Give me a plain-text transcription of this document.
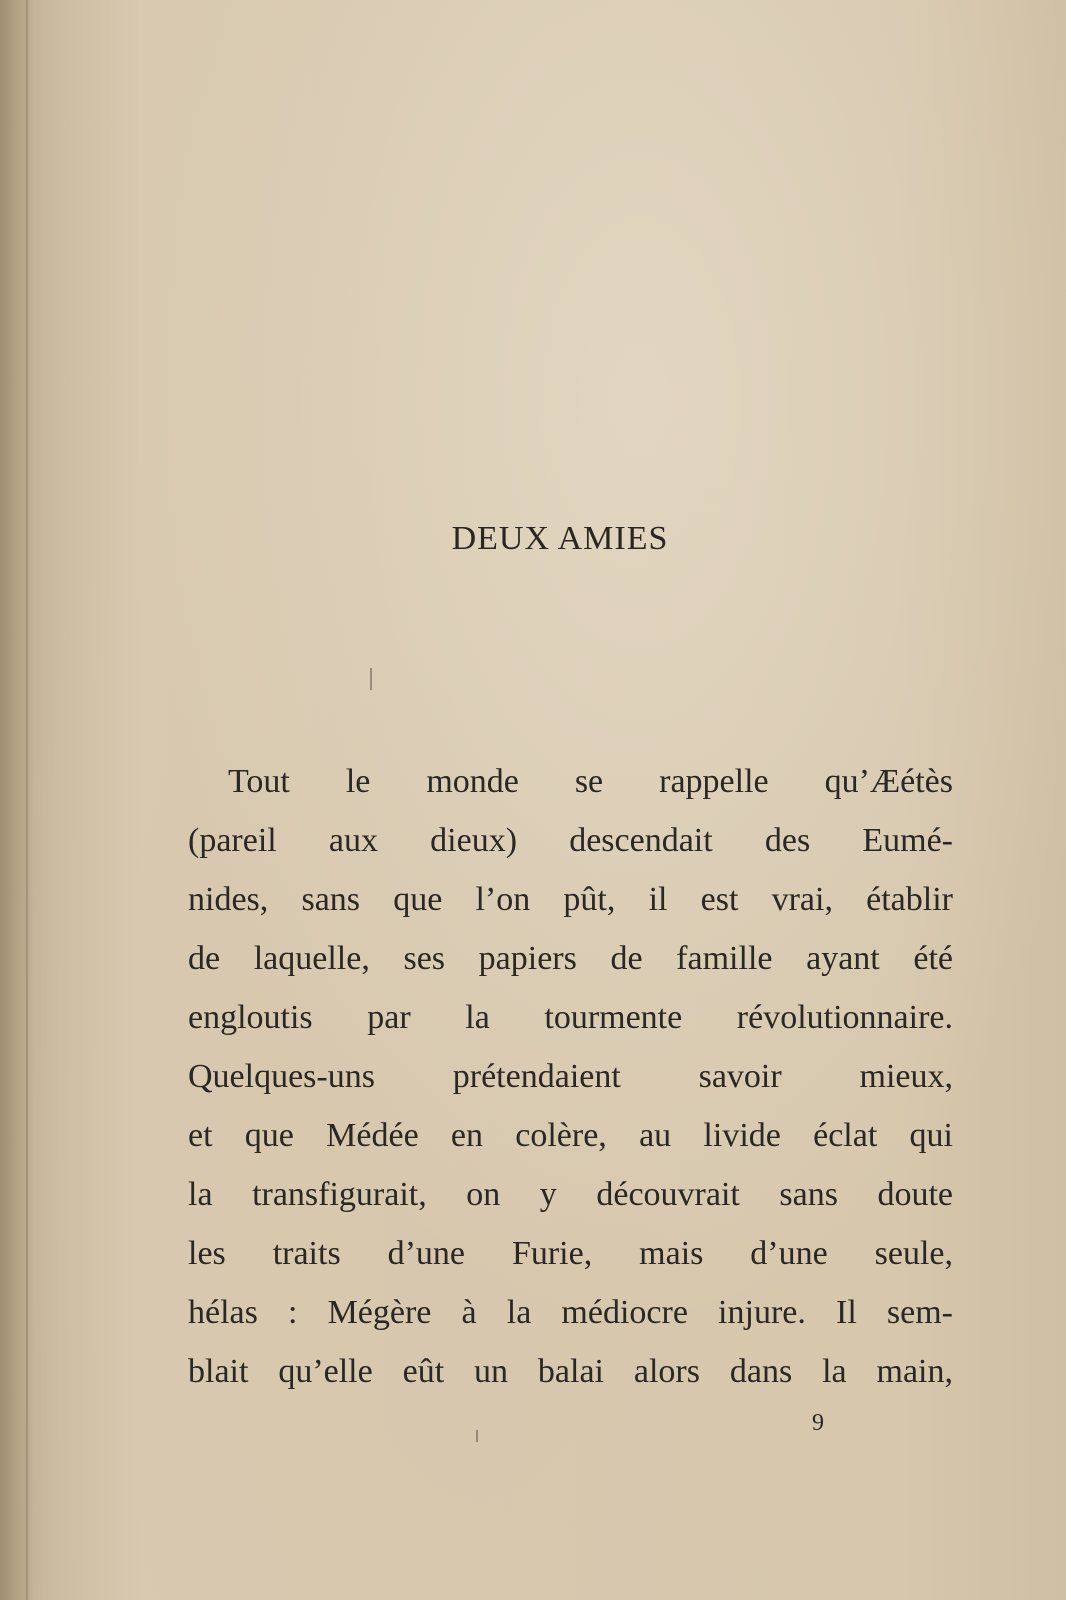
DEUX AMIES
Tout le monde se rappelle qu’Æétès
(pareil aux dieux) descendait des Eumé-
nides, sans que l’on pût, il est vrai, établir
de laquelle, ses papiers de famille ayant été
engloutis par la tourmente révolutionnaire.
Quelques-uns prétendaient savoir mieux,
et que Médée en colère, au livide éclat qui
la transfigurait, on y découvrait sans doute
les traits d’une Furie, mais d’une seule,
hélas : Mégère à la médiocre injure. Il sem-
blait qu’elle eût un balai alors dans la main,
9
